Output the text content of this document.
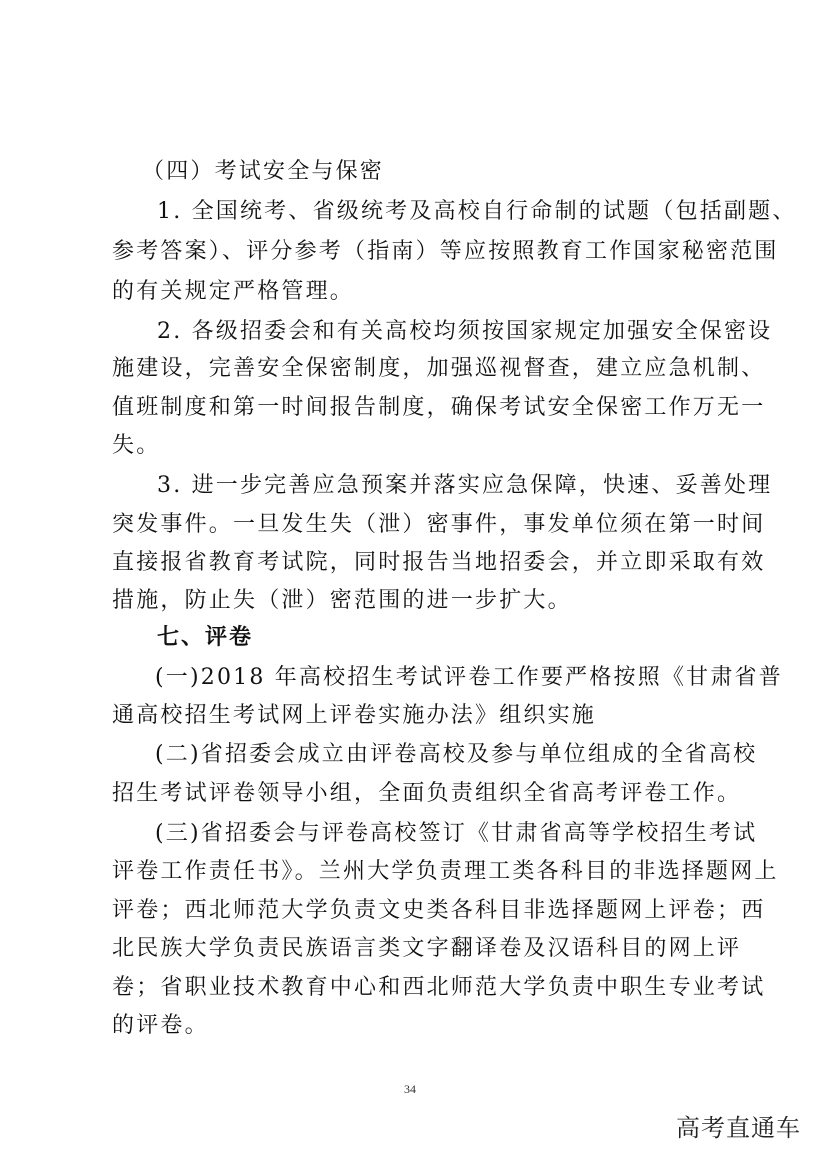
（四）考试安全与保密
1. 全国统考、省级统考及高校自行命制的试题（包括副题、
参考答案）、评分参考（指南）等应按照教育工作国家秘密范围
的有关规定严格管理。
2. 各级招委会和有关高校均须按国家规定加强安全保密设
施建设，完善安全保密制度，加强巡视督查，建立应急机制、
值班制度和第一时间报告制度，确保考试安全保密工作万无一
失。
3. 进一步完善应急预案并落实应急保障，快速、妥善处理
突发事件。一旦发生失（泄）密事件，事发单位须在第一时间
直接报省教育考试院，同时报告当地招委会，并立即采取有效
措施，防止失（泄）密范围的进一步扩大。
七、评卷
(一)2018 年高校招生考试评卷工作要严格按照《甘肃省普
通高校招生考试网上评卷实施办法》组织实施
(二)省招委会成立由评卷高校及参与单位组成的全省高校
招生考试评卷领导小组，全面负责组织全省高考评卷工作。
(三)省招委会与评卷高校签订《甘肃省高等学校招生考试
评卷工作责任书》。兰州大学负责理工类各科目的非选择题网上
评卷；西北师范大学负责文史类各科目非选择题网上评卷；西
北民族大学负责民族语言类文字翻译卷及汉语科目的网上评
卷；省职业技术教育中心和西北师范大学负责中职生专业考试
的评卷。
34
高考直通车
